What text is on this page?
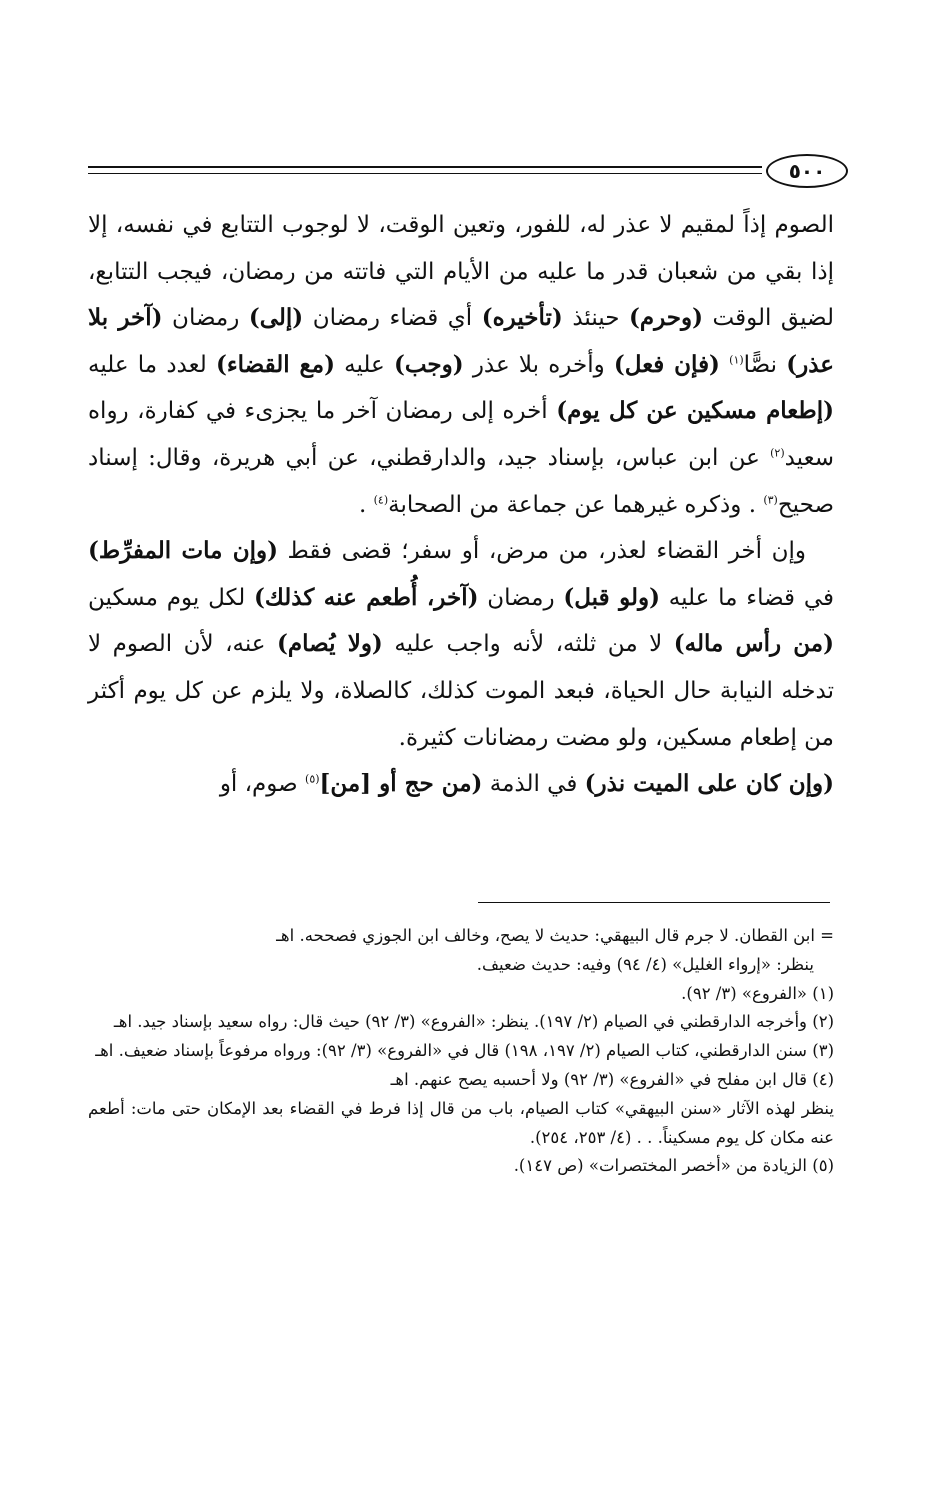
٥٠٠

الصوم إذاً لمقيم لا عذر له، للفور، وتعين الوقت، لا لوجوب التتابع في نفسه، إلا إذا بقي من شعبان قدر ما عليه من الأيام التي فاتته من رمضان، فيجب التتابع، لضيق الوقت (وحرم) حينئذ (تأخيره) أي قضاء رمضان (إلى) رمضان (آخر بلا عذر) نصًّا$^{(١)}$ (فإن فعل) وأخره بلا عذر (وجب) عليه (مع القضاء) لعدد ما عليه (إطعام مسكين عن كل يوم) أخره إلى رمضان آخر ما يجزىء في كفارة، رواه سعيد$^{(٢)}$ عن ابن عباس، بإسناد جيد، والدارقطني، عن أبي هريرة، وقال: إسناد صحيح$^{(٣)}$ . وذكره غيرهما عن جماعة من الصحابة$^{(٤)}$ .

وإن أخر القضاء لعذر، من مرض، أو سفر؛ قضى فقط (وإن مات المفرِّط) في قضاء ما عليه (ولو قبل) رمضان (آخر، أُطعم عنه كذلك) لكل يوم مسكين (من رأس ماله) لا من ثلثه، لأنه واجب عليه (ولا يُصام) عنه، لأن الصوم لا تدخله النيابة حال الحياة، فبعد الموت كذلك، كالصلاة، ولا يلزم عن كل يوم أكثر من إطعام مسكين، ولو مضت رمضانات كثيرة.

(وإن كان على الميت نذر) في الذمة (من حج أو [من]$^{(٥)}$ صوم، أو

= ابن القطان. لا جرم قال البيهقي: حديث لا يصح، وخالف ابن الجوزي فصححه. اهـ

ينظر: «إرواء الغليل» (٤/ ٩٤) وفيه: حديث ضعيف.

(١) «الفروع» (٣/ ٩٢).

(٢) وأخرجه الدارقطني في الصيام (٢/ ١٩٧). ينظر: «الفروع» (٣/ ٩٢) حيث قال: رواه سعيد بإسناد جيد. اهـ

(٣) سنن الدارقطني، كتاب الصيام (٢/ ١٩٧، ١٩٨) قال في «الفروع» (٣/ ٩٢): ورواه مرفوعاً بإسناد ضعيف. اهـ

(٤) قال ابن مفلح في «الفروع» (٣/ ٩٢) ولا أحسبه يصح عنهم. اهـ

ينظر لهذه الآثار «سنن البيهقي» كتاب الصيام، باب من قال إذا فرط في القضاء بعد الإمكان حتى مات: أطعم عنه مكان كل يوم مسكيناً. . . (٤/ ٢٥٣، ٢٥٤).

(٥) الزيادة من «أخصر المختصرات» (ص ١٤٧).
